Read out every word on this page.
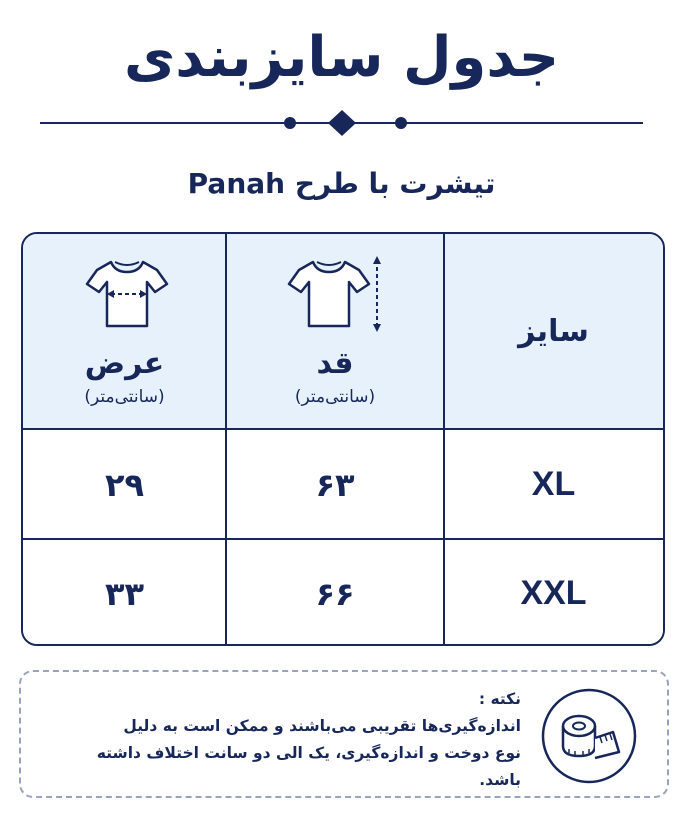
جدول سایزبندی
تیشرت با طرح Panah
سایز
قد
(سانتی‌متر)
عرض
(سانتی‌متر)
XL
۶۳
۲۹
XXL
۶۶
۳۳
نکته :
اندازه‌گیری‌ها تقریبی می‌باشند و ممکن است به دلیل
نوع دوخت و اندازه‌گیری، یک الی دو سانت اختلاف داشته باشد.
